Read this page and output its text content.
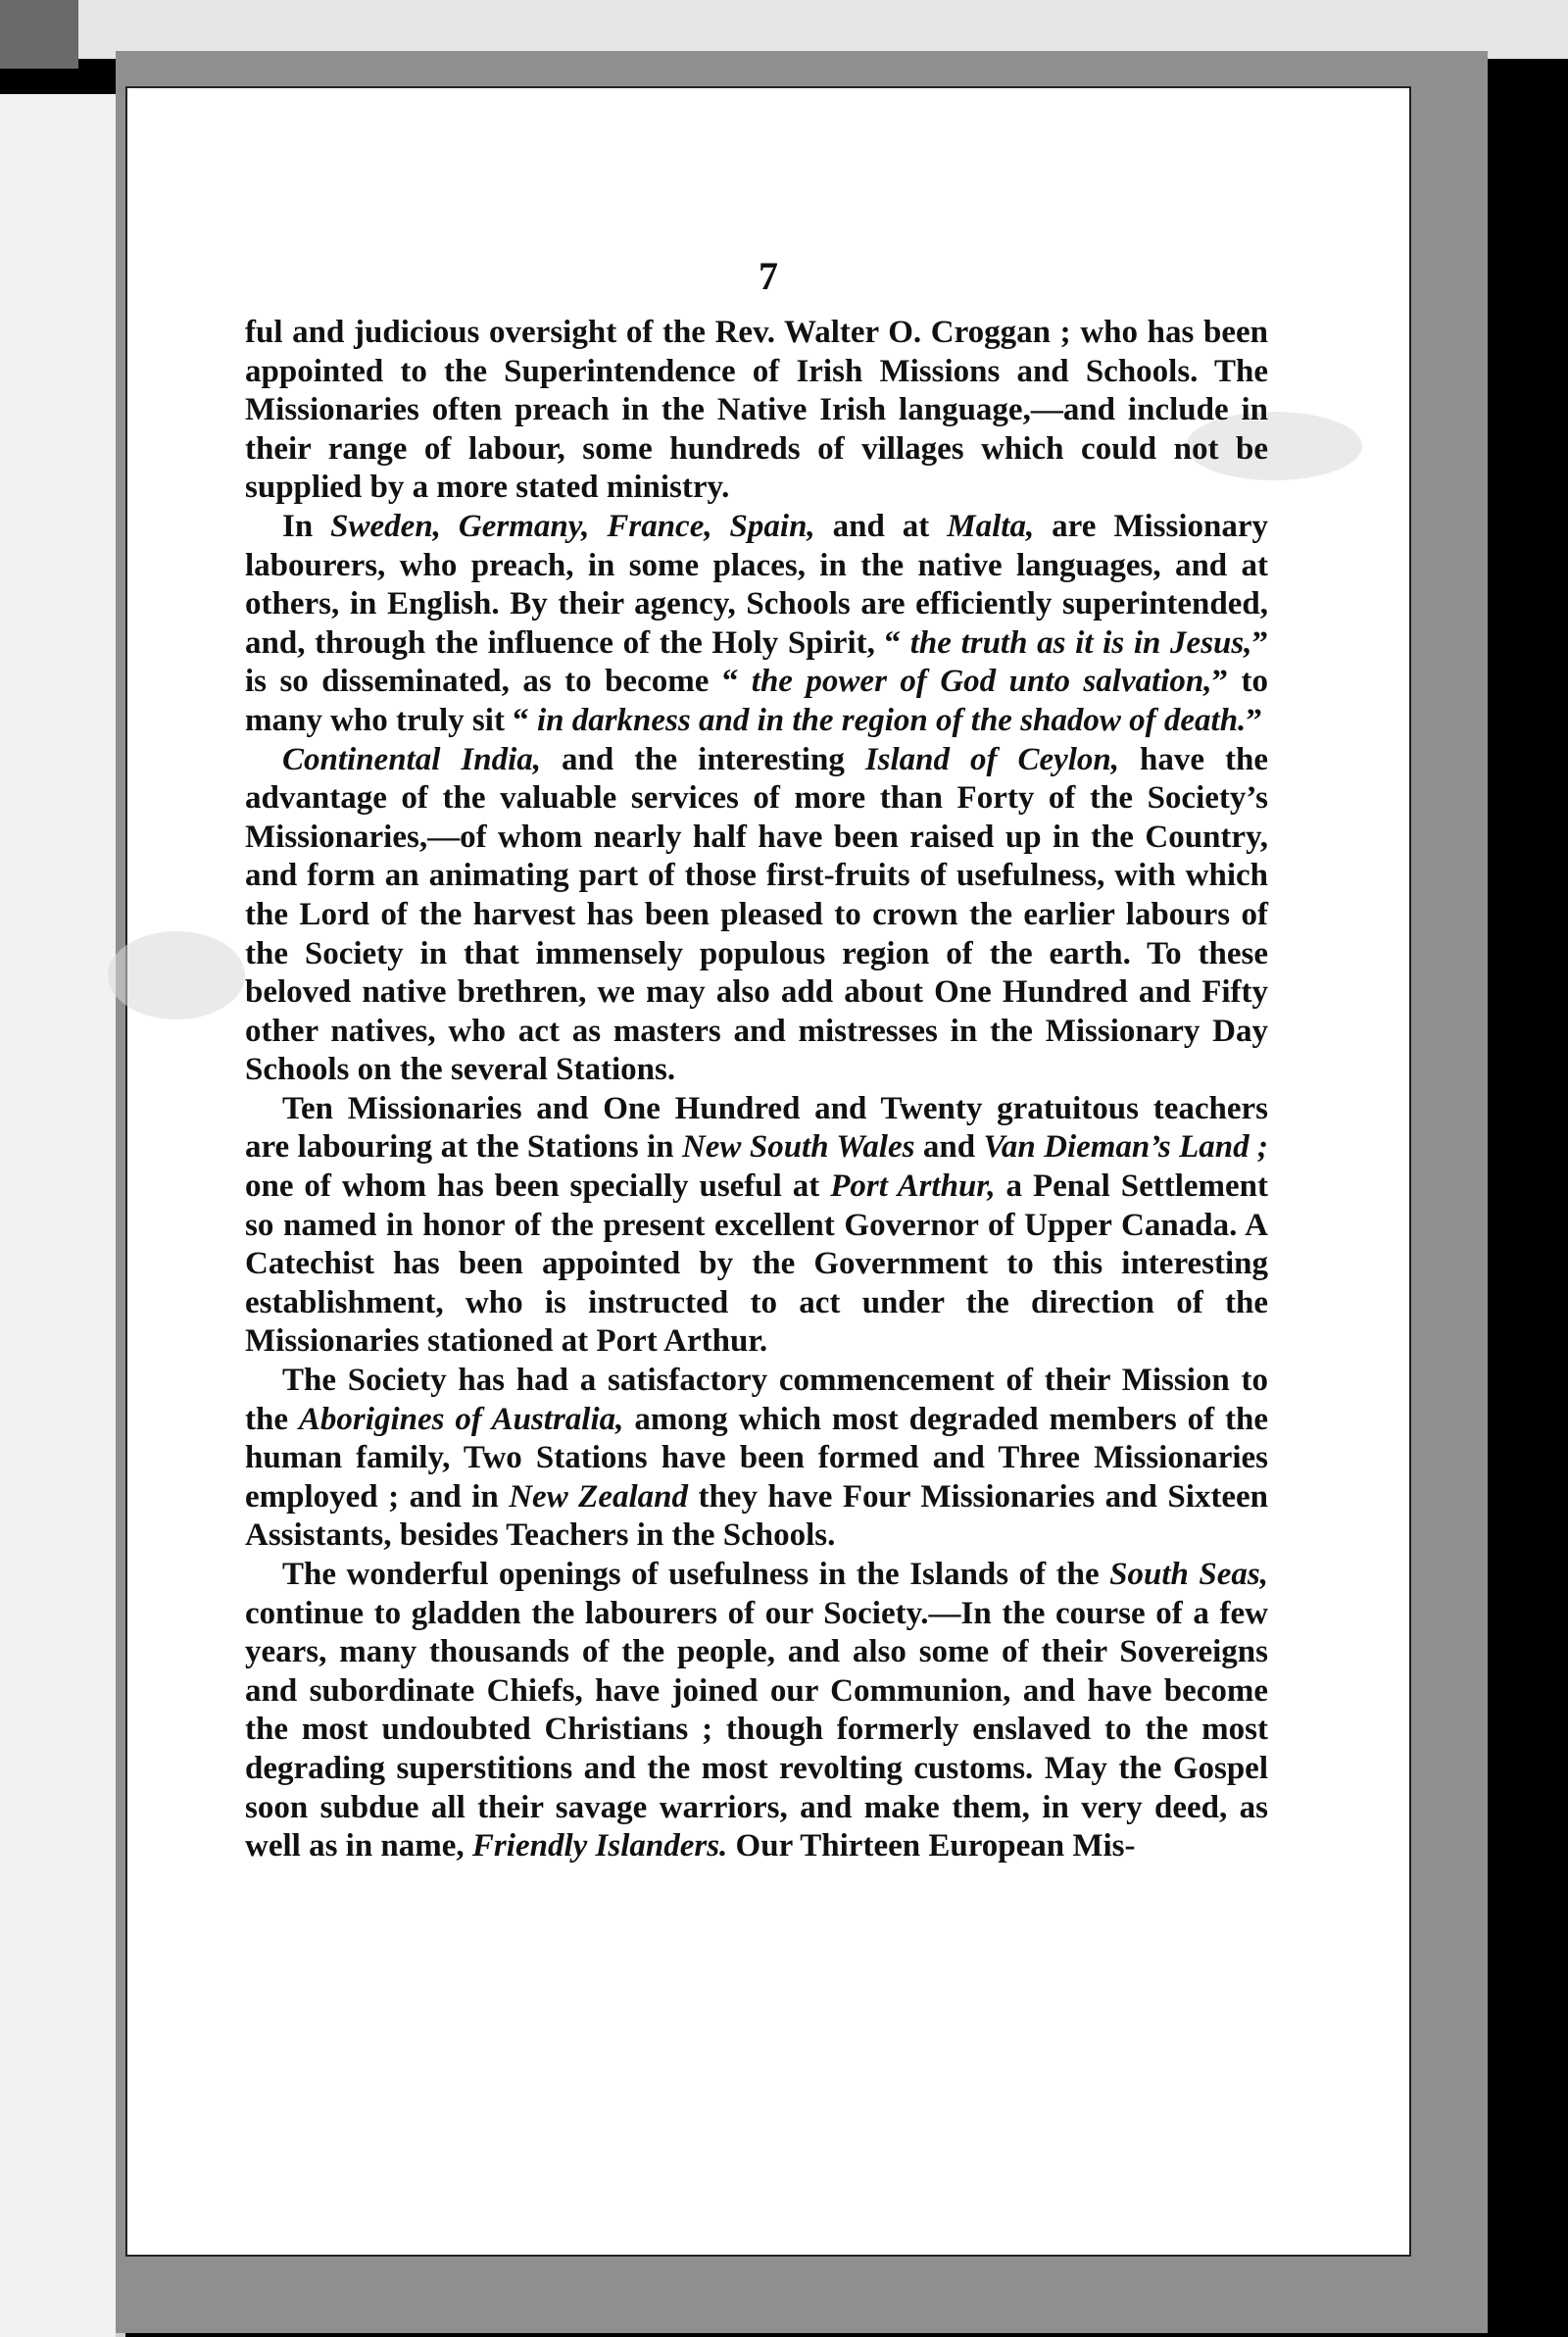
7

ful and judicious oversight of the Rev. Walter O. Croggan ; who has been appointed to the Superintendence of Irish Missions and Schools. The Missionaries often preach in the Native Irish language,—and include in their range of labour, some hundreds of villages which could not be supplied by a more stated ministry.

In Sweden, Germany, France, Spain, and at Malta, are Missionary labourers, who preach, in some places, in the native languages, and at others, in English. By their agency, Schools are efficiently superintended, and, through the influence of the Holy Spirit, “ the truth as it is in Jesus,” is so disseminated, as to become “ the power of God unto salvation,” to many who truly sit “ in darkness and in the region of the shadow of death.”

Continental India, and the interesting Island of Ceylon, have the advantage of the valuable services of more than Forty of the Society’s Missionaries,—of whom nearly half have been raised up in the Country, and form an animating part of those first-fruits of usefulness, with which the Lord of the harvest has been pleased to crown the earlier labours of the Society in that immensely populous region of the earth. To these beloved native brethren, we may also add about One Hundred and Fifty other natives, who act as masters and mistresses in the Missionary Day Schools on the several Stations.

Ten Missionaries and One Hundred and Twenty gratuitous teachers are labouring at the Stations in New South Wales and Van Dieman’s Land ; one of whom has been specially useful at Port Arthur, a Penal Settlement so named in honor of the present excellent Governor of Upper Canada. A Catechist has been appointed by the Government to this interesting establishment, who is instructed to act under the direction of the Missionaries stationed at Port Arthur.

The Society has had a satisfactory commencement of their Mission to the Aborigines of Australia, among which most degraded members of the human family, Two Stations have been formed and Three Missionaries employed ; and in New Zealand they have Four Missionaries and Sixteen Assistants, besides Teachers in the Schools.

The wonderful openings of usefulness in the Islands of the South Seas, continue to gladden the labourers of our Society.—In the course of a few years, many thousands of the people, and also some of their Sovereigns and subordinate Chiefs, have joined our Communion, and have become the most undoubted Christians ; though formerly enslaved to the most degrading superstitions and the most revolting customs. May the Gospel soon subdue all their savage warriors, and make them, in very deed, as well as in name, Friendly Islanders. Our Thirteen European Mis-
